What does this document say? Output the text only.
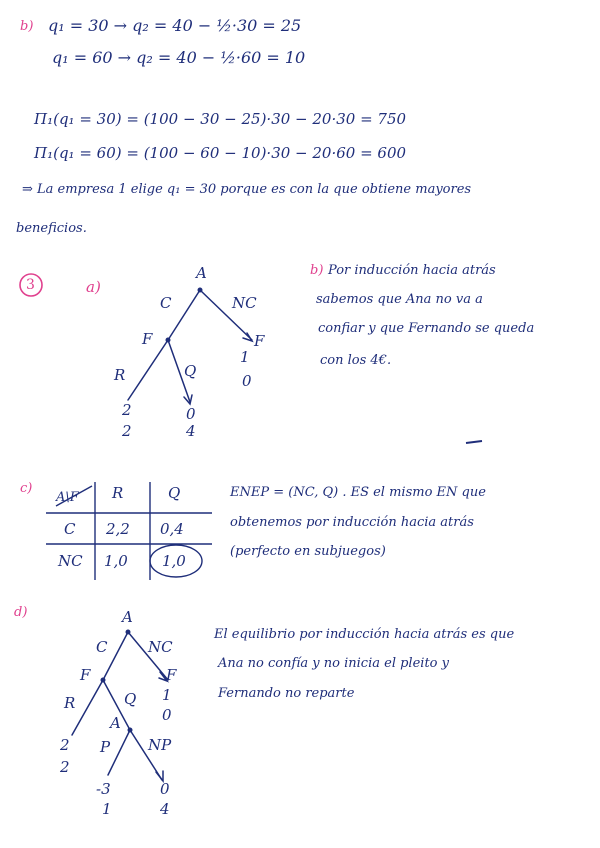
b) q₁ = 30 → q₂ = 40 − ½·30 = 25
q₁ = 60 → q₂ = 40 − ½·60 = 10
Π₁(q₁ = 30) = (100 − 30 − 25)·30 − 20·30 = 750
Π₁(q₁ = 60) = (100 − 60 − 10)·30 − 20·60 = 600
⇒ La empresa 1 elige q₁ = 30 porque es con la que obtiene mayores
beneficios.
3	a)
A
C	NC
F	F
1
0
R	Q
2
2
0
4
b) Por inducción hacia atrás
sabemos que Ana no va a
confiar y que Fernando se queda
con los 4€.
c)
A\F R	Q
C 2,2 0,4
NC 1,0 1,0
ENEP = (NC, Q) . ES el mismo EN que
obtenemos por inducción hacia atrás
(perfecto en subjuegos)
d)	A
C	NC
F	F
1
0
R	Q
A
P	NP
2
2
-3
1
0
4
El equilibrio por inducción hacia atrás es que
Ana no confía y no inicia el pleito y
Fernando no reparte
